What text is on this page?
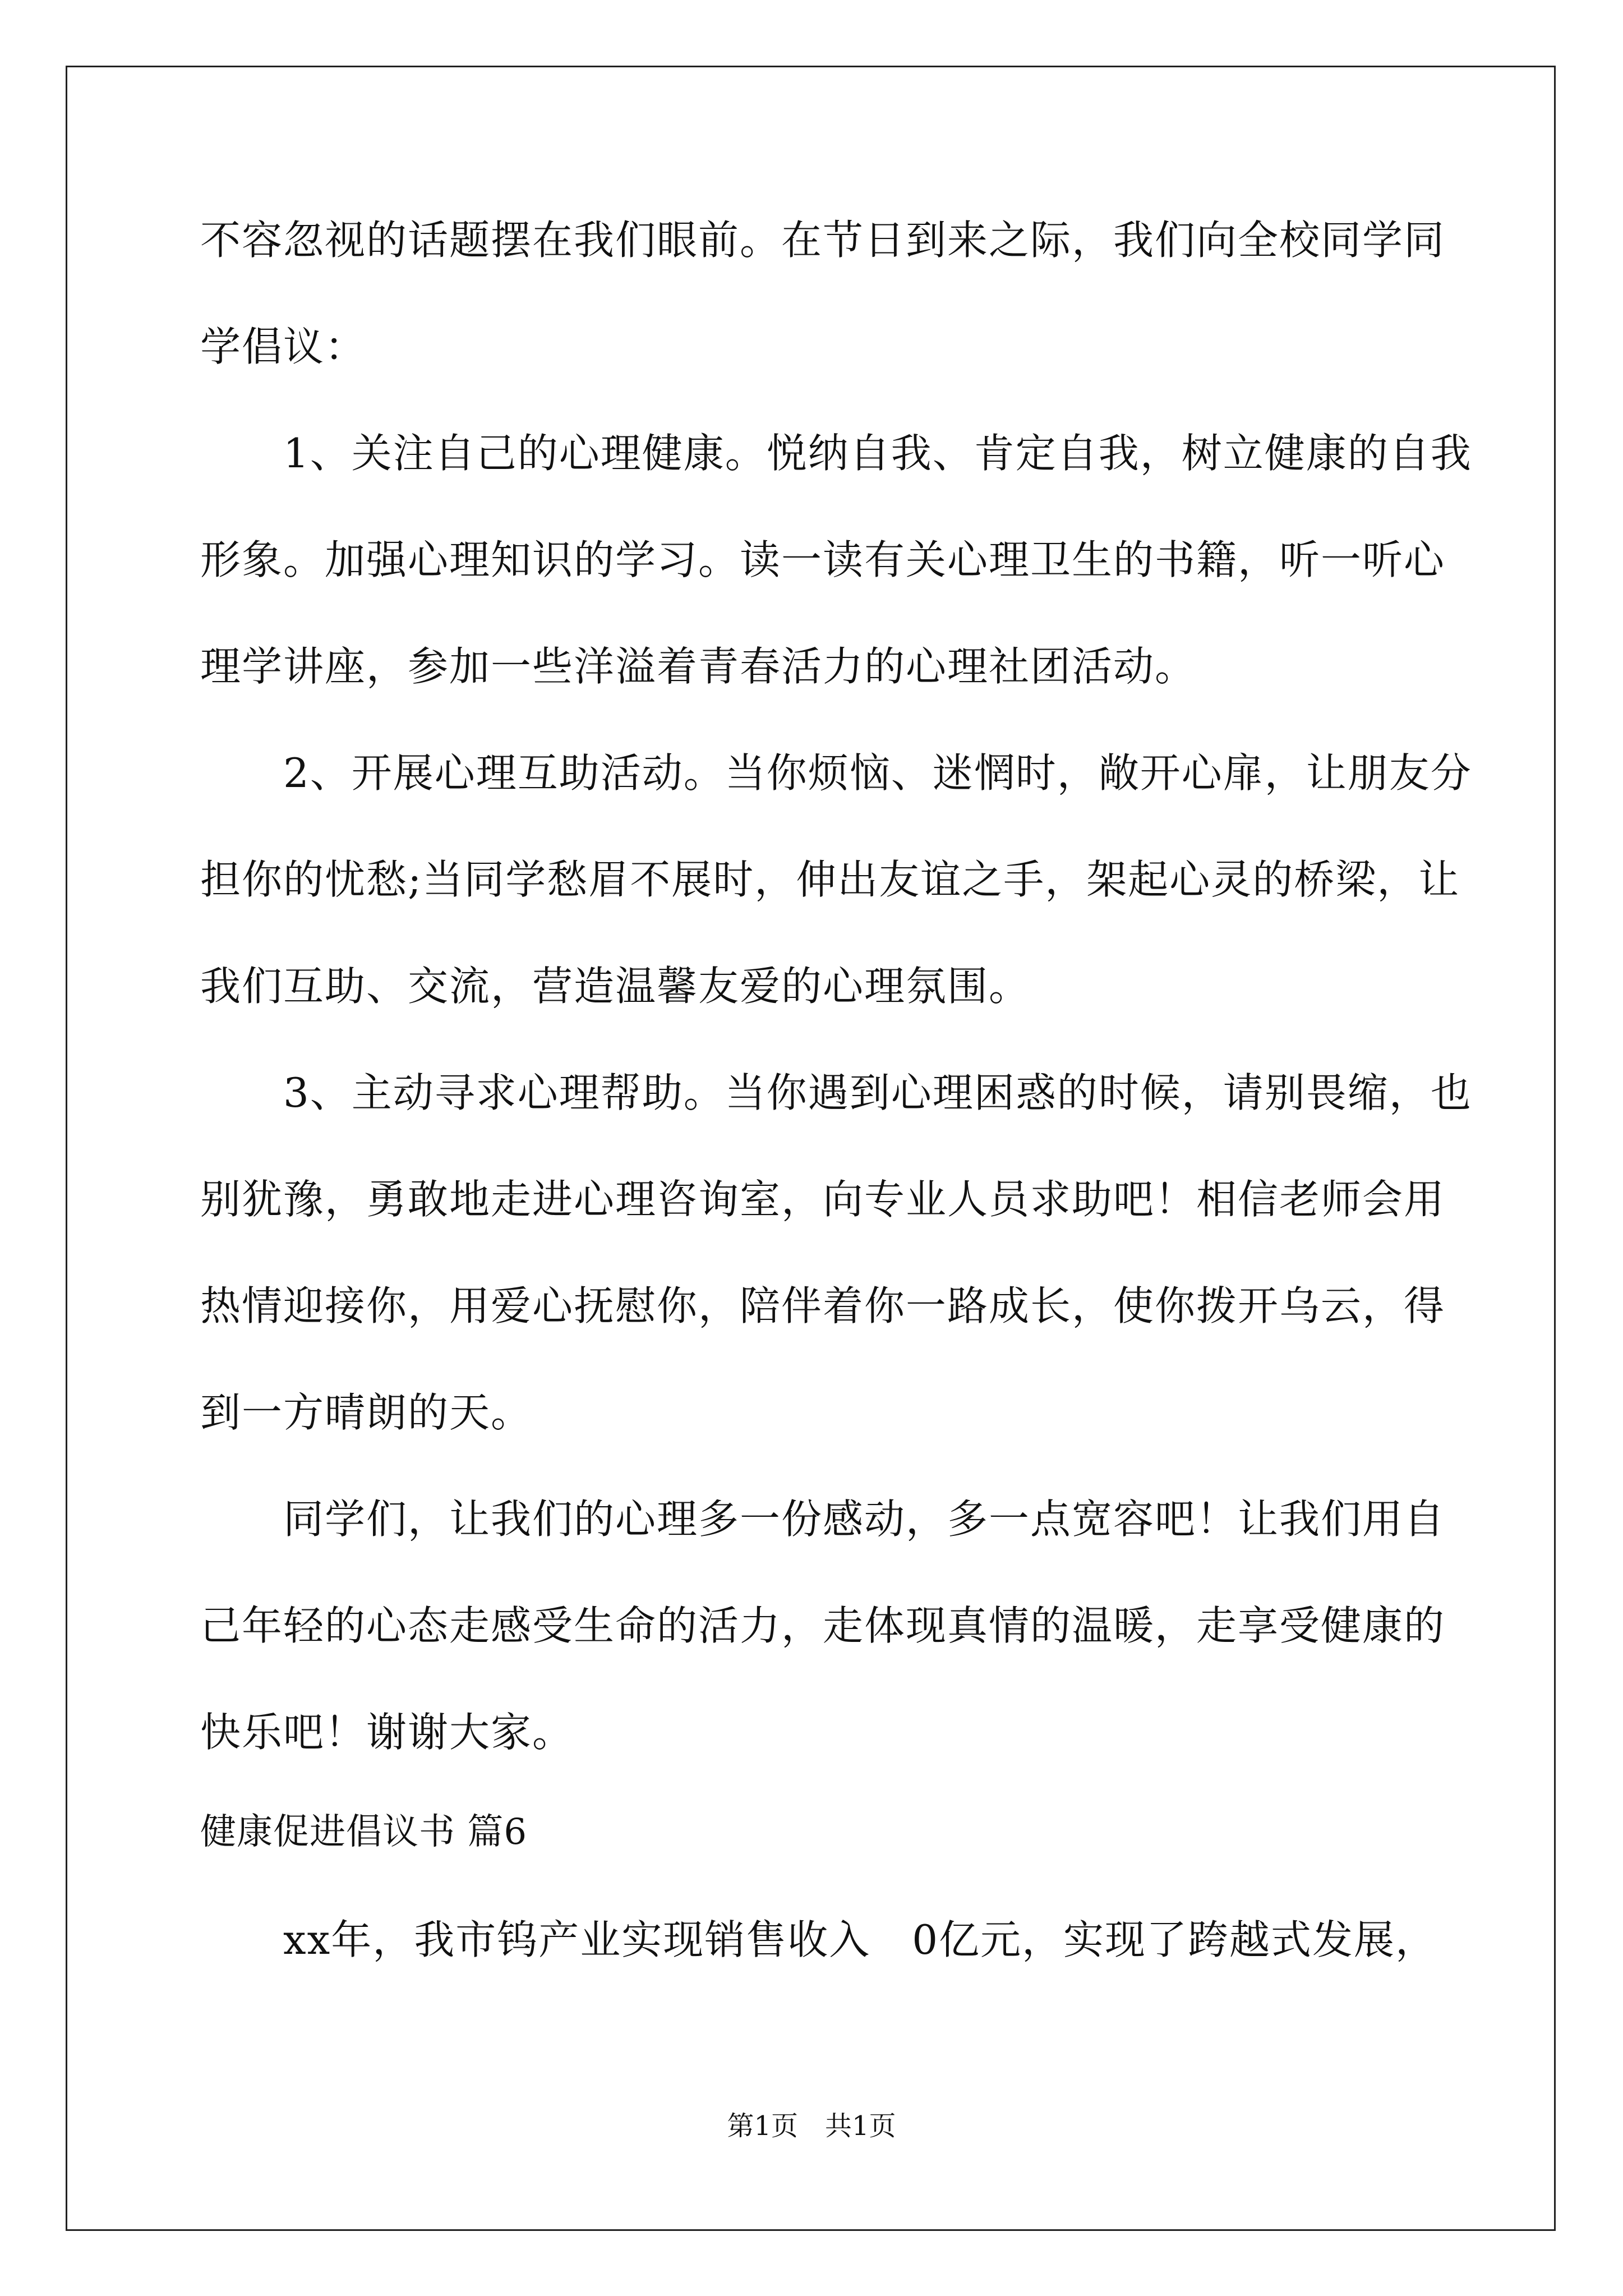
不容忽视的话题摆在我们眼前。在节日到来之际，我们向全校同学同
学倡议：
1、关注自己的心理健康。悦纳自我、肯定自我，树立健康的自我
形象。加强心理知识的学习。读一读有关心理卫生的书籍，听一听心
理学讲座，参加一些洋溢着青春活力的心理社团活动。
2、开展心理互助活动。当你烦恼、迷惘时，敞开心扉，让朋友分
担你的忧愁;当同学愁眉不展时，伸出友谊之手，架起心灵的桥梁，让
我们互助、交流，营造温馨友爱的心理氛围。
3、主动寻求心理帮助。当你遇到心理困惑的时候，请别畏缩，也
别犹豫，勇敢地走进心理咨询室，向专业人员求助吧！相信老师会用
热情迎接你，用爱心抚慰你，陪伴着你一路成长，使你拨开乌云，得
到一方晴朗的天。
同学们，让我们的心理多一份感动，多一点宽容吧！让我们用自
己年轻的心态走感受生命的活力，走体现真情的温暖，走享受健康的
快乐吧！谢谢大家。
健康促进倡议书 篇6
xx年，我市钨产业实现销售收入　0亿元，实现了跨越式发展，
第1页　共1页
